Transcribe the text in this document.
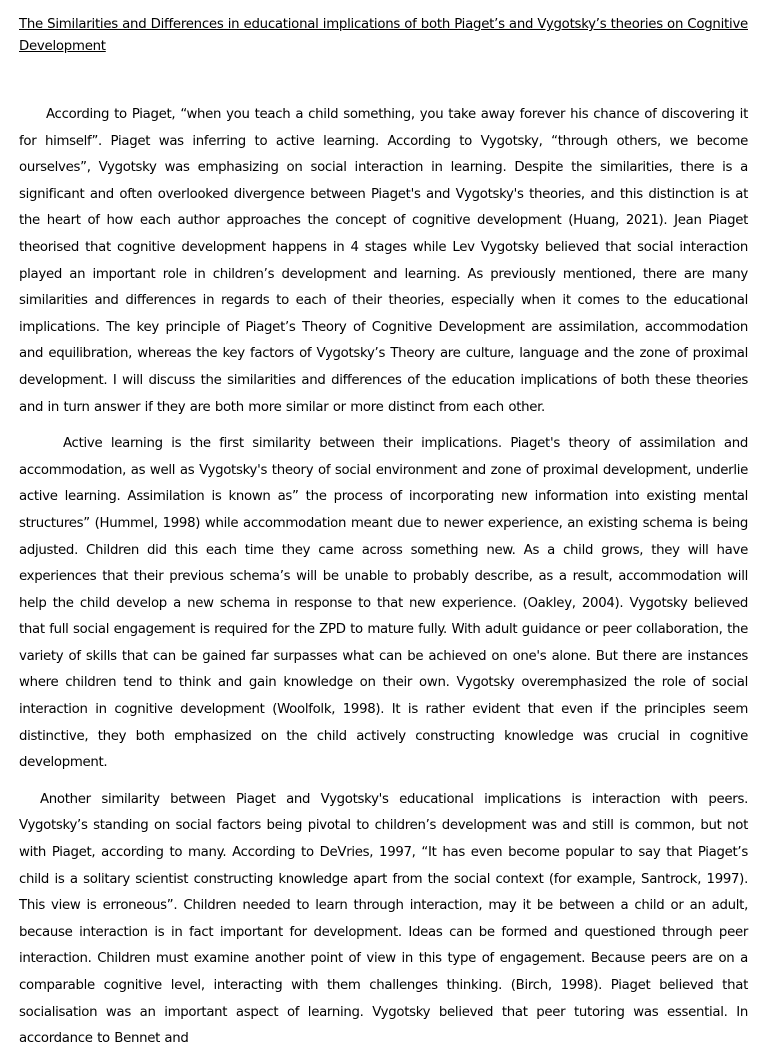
The Similarities and Differences in educational implications of both Piaget’s and Vygotsky’s theories on Cognitive Development

According to Piaget, “when you teach a child something, you take away forever his chance of discovering it for himself”. Piaget was inferring to active learning. According to Vygotsky, “through others, we become ourselves”, Vygotsky was emphasizing on social interaction in learning. Despite the similarities, there is a significant and often overlooked divergence between Piaget's and Vygotsky's theories, and this distinction is at the heart of how each author approaches the concept of cognitive development (Huang, 2021). Jean Piaget theorised that cognitive development happens in 4 stages while Lev Vygotsky believed that social interaction played an important role in children’s development and learning. As previously mentioned, there are many similarities and differences in regards to each of their theories, especially when it comes to the educational implications. The key principle of Piaget’s Theory of Cognitive Development are assimilation, accommodation and equilibration, whereas the key factors of Vygotsky’s Theory are culture, language and the zone of proximal development. I will discuss the similarities and differences of the education implications of both these theories and in turn answer if they are both more similar or more distinct from each other.

Active learning is the first similarity between their implications. Piaget's theory of assimilation and accommodation, as well as Vygotsky's theory of social environment and zone of proximal development, underlie active learning. Assimilation is known as” the process of incorporating new information into existing mental structures” (Hummel, 1998) while accommodation meant due to newer experience, an existing schema is being adjusted. Children did this each time they came across something new. As a child grows, they will have experiences that their previous schema’s will be unable to probably describe, as a result, accommodation will help the child develop a new schema in response to that new experience. (Oakley, 2004). Vygotsky believed that full social engagement is required for the ZPD to mature fully. With adult guidance or peer collaboration, the variety of skills that can be gained far surpasses what can be achieved on one's alone. But there are instances where children tend to think and gain knowledge on their own. Vygotsky overemphasized the role of social interaction in cognitive development (Woolfolk, 1998). It is rather evident that even if the principles seem distinctive, they both emphasized on the child actively constructing knowledge was crucial in cognitive development.

Another similarity between Piaget and Vygotsky's educational implications is interaction with peers. Vygotsky’s standing on social factors being pivotal to children’s development was and still is common, but not with Piaget, according to many. According to DeVries, 1997, “It has even become popular to say that Piaget’s child is a solitary scientist constructing knowledge apart from the social context (for example, Santrock, 1997). This view is erroneous”. Children needed to learn through interaction, may it be between a child or an adult, because interaction is in fact important for development. Ideas can be formed and questioned through peer interaction. Children must examine another point of view in this type of engagement. Because peers are on a comparable cognitive level, interacting with them challenges thinking. (Birch, 1998). Piaget believed that socialisation was an important aspect of learning. Vygotsky believed that peer tutoring was essential. In accordance to Bennet and
